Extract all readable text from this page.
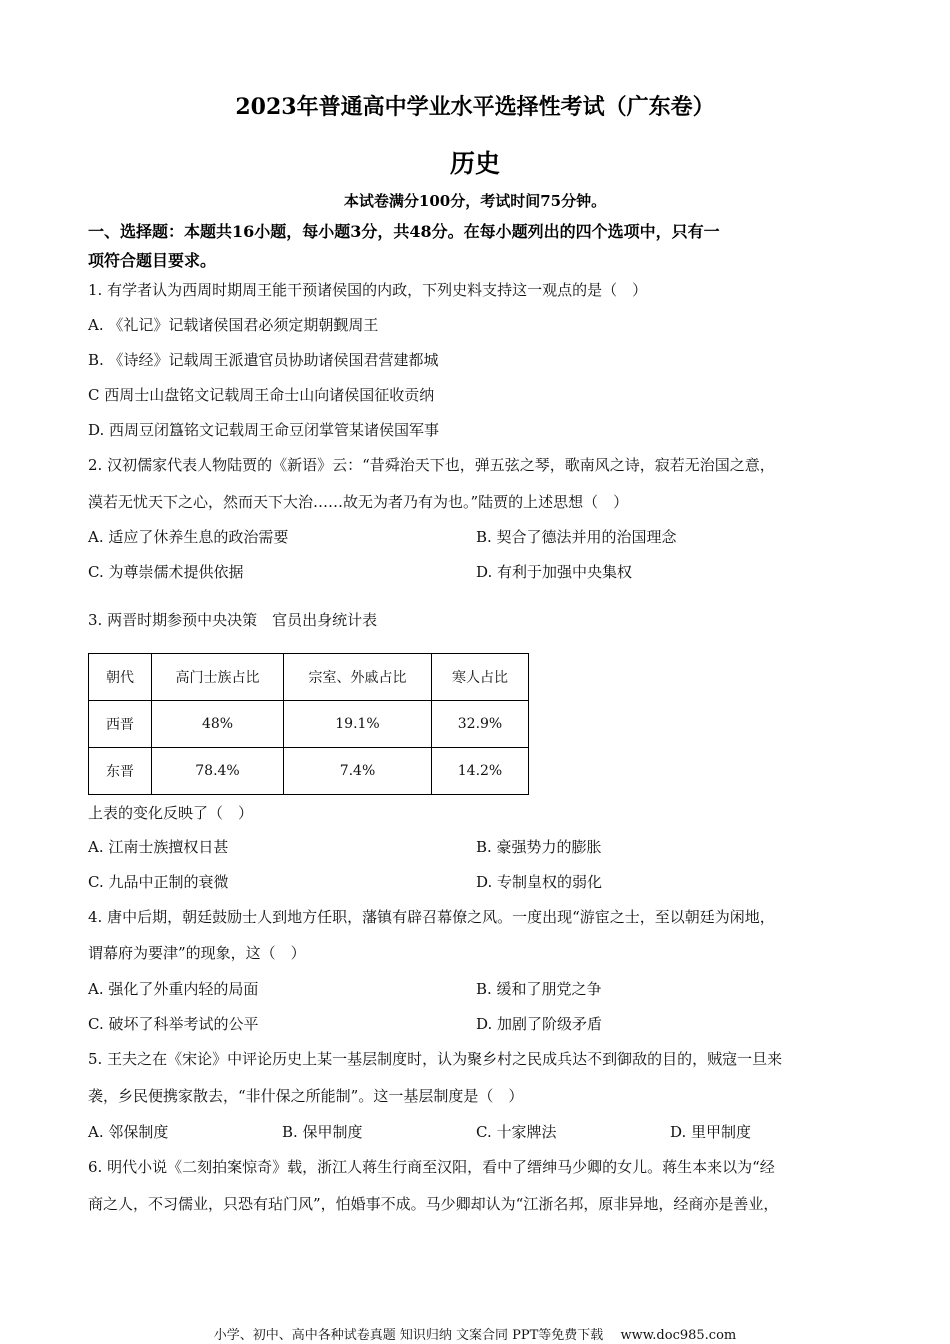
2023年普通高中学业水平选择性考试（广东卷）
历史
本试卷满分100分，考试时间75分钟。
一、选择题：本题共16小题，每小题3分，共48分。在每小题列出的四个选项中，只有一
项符合题目要求。
1. 有学者认为西周时期周王能干预诸侯国的内政，下列史料支持这一观点的是（　）
A. 《礼记》记载诸侯国君必须定期朝觐周王
B. 《诗经》记载周王派遣官员协助诸侯国君营建都城
C 西周士山盘铭文记载周王命士山向诸侯国征收贡纳
D. 西周豆闭簋铭文记载周王命豆闭掌管某诸侯国军事
2. 汉初儒家代表人物陆贾的《新语》云：“昔舜治天下也，弹五弦之琴，歌南风之诗，寂若无治国之意，
漠若无忧天下之心，然而天下大治……故无为者乃有为也。”陆贾的上述思想（　）
A. 适应了休养生息的政治需要	B. 契合了德法并用的治国理念
C. 为尊崇儒术提供依据	D. 有利于加强中央集权
3. 两晋时期参预中央决策　官员出身统计表
朝代	高门士族占比	宗室、外戚占比	寒人占比
西晋	48%	19.1%	32.9%
东晋	78.4%	7.4%	14.2%
上表的变化反映了（　）
A. 江南士族擅权日甚	B. 豪强势力的膨胀
C. 九品中正制的衰微	D. 专制皇权的弱化
4. 唐中后期，朝廷鼓励士人到地方任职，藩镇有辟召幕僚之风。一度出现“游宦之士，至以朝廷为闲地，
谓幕府为要津”的现象，这（　）
A. 强化了外重内轻的局面	B. 缓和了朋党之争
C. 破坏了科举考试的公平	D. 加剧了阶级矛盾
5. 王夫之在《宋论》中评论历史上某一基层制度时，认为聚乡村之民成兵达不到御敌的目的，贼寇一旦来
袭，乡民便携家散去，“非什保之所能制”。这一基层制度是（　）
A. 邻保制度	B. 保甲制度	C. 十家牌法	D. 里甲制度
6. 明代小说《二刻拍案惊奇》载，浙江人蒋生行商至汉阳，看中了缙绅马少卿的女儿。蒋生本来以为“经
商之人，不习儒业，只恐有玷门风”，怕婚事不成。马少卿却认为“江浙名邦，原非异地，经商亦是善业，
小学、初中、高中各种试卷真题 知识归纳 文案合同 PPT等免费下载　 www.doc985.com
